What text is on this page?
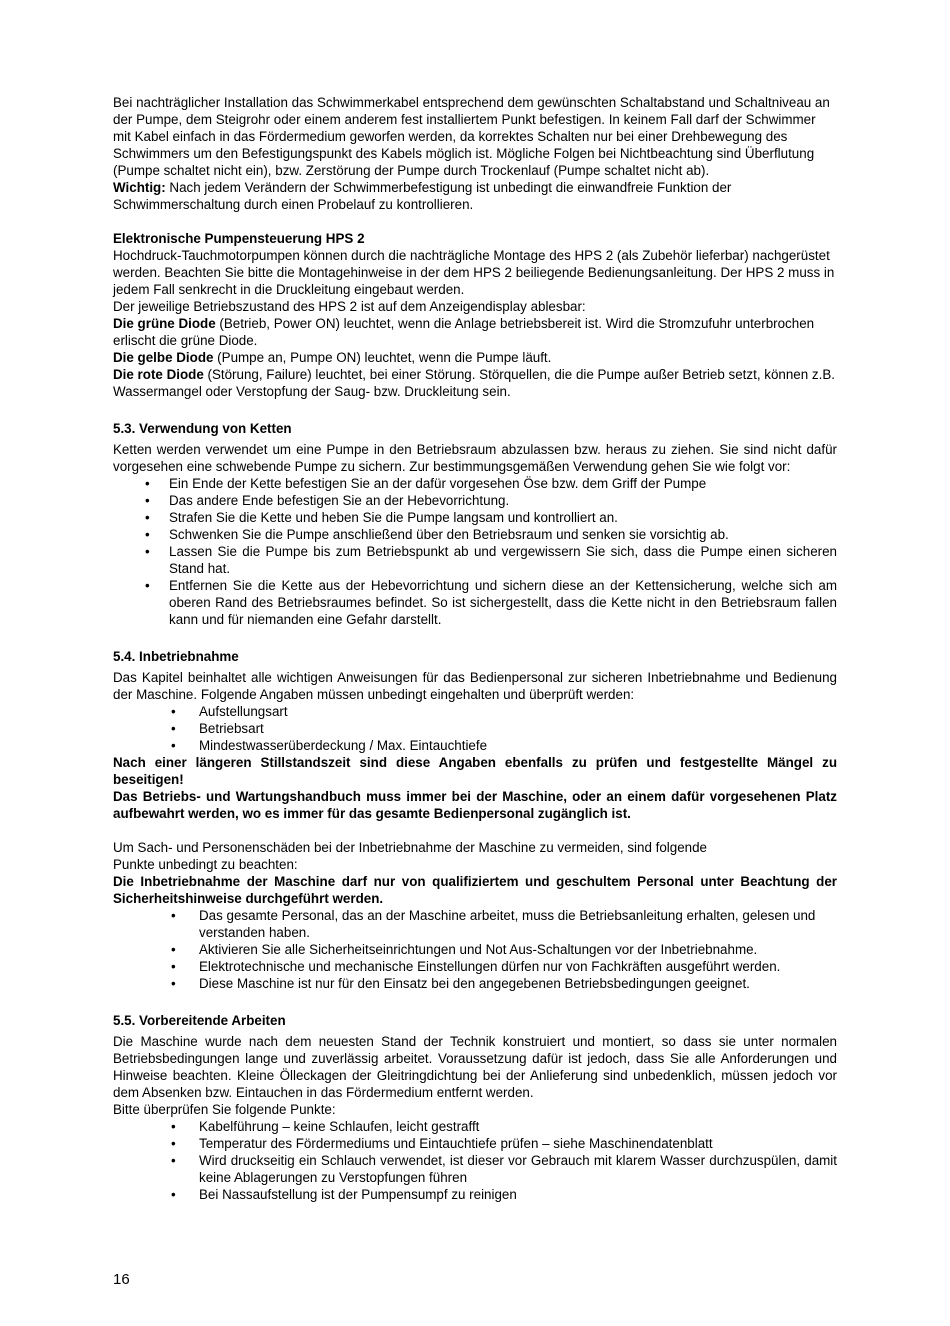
Bei nachträglicher Installation das Schwimmerkabel entsprechend dem gewünschten Schaltabstand und Schaltniveau an der Pumpe, dem Steigrohr oder einem anderem fest installiertem Punkt befestigen. In keinem Fall darf der Schwimmer mit Kabel einfach in das Fördermedium geworfen werden, da korrektes Schalten nur bei einer Drehbewegung des Schwimmers um den Befestigungspunkt des Kabels möglich ist. Mögliche Folgen bei Nichtbeachtung sind Überflutung (Pumpe schaltet nicht ein), bzw. Zerstörung der Pumpe durch Trockenlauf (Pumpe schaltet nicht ab).

Wichtig: Nach jedem Verändern der Schwimmerbefestigung ist unbedingt die einwandfreie Funktion der Schwimmerschaltung durch einen Probelauf zu kontrollieren.

Elektronische Pumpensteuerung HPS 2

Hochdruck-Tauchmotorpumpen können durch die nachträgliche Montage des HPS 2 (als Zubehör lieferbar) nachgerüstet werden. Beachten Sie bitte die Montagehinweise in der dem HPS 2 beiliegende Bedienungsanleitung. Der HPS 2 muss in jedem Fall senkrecht in die Druckleitung eingebaut werden.

Der jeweilige Betriebszustand des HPS 2 ist auf dem Anzeigendisplay ablesbar:

Die grüne Diode (Betrieb, Power ON) leuchtet, wenn die Anlage betriebsbereit ist. Wird die Stromzufuhr unterbrochen erlischt die grüne Diode.

Die gelbe Diode (Pumpe an, Pumpe ON) leuchtet, wenn die Pumpe läuft.

Die rote Diode (Störung, Failure) leuchtet, bei einer Störung. Störquellen, die die Pumpe außer Betrieb setzt, können z.B. Wassermangel oder Verstopfung der Saug- bzw. Druckleitung sein.

5.3. Verwendung von Ketten

Ketten werden verwendet um eine Pumpe in den Betriebsraum abzulassen bzw. heraus zu ziehen. Sie sind nicht dafür vorgesehen eine schwebende Pumpe zu sichern. Zur bestimmungsgemäßen Verwendung gehen Sie wie folgt vor:

• Ein Ende der Kette befestigen Sie an der dafür vorgesehen Öse bzw. dem Griff der Pumpe
• Das andere Ende befestigen Sie an der Hebevorrichtung.
• Strafen Sie die Kette und heben Sie die Pumpe langsam und kontrolliert an.
• Schwenken Sie die Pumpe anschließend über den Betriebsraum und senken sie vorsichtig ab.
• Lassen Sie die Pumpe bis zum Betriebspunkt ab und vergewissern Sie sich, dass die Pumpe einen sicheren Stand hat.
• Entfernen Sie die Kette aus der Hebevorrichtung und sichern diese an der Kettensicherung, welche sich am oberen Rand des Betriebsraumes befindet. So ist sichergestellt, dass die Kette nicht in den Betriebsraum fallen kann und für niemanden eine Gefahr darstellt.

5.4. Inbetriebnahme

Das Kapitel beinhaltet alle wichtigen Anweisungen für das Bedienpersonal zur sicheren Inbetriebnahme und Bedienung der Maschine. Folgende Angaben müssen unbedingt eingehalten und überprüft werden:

• Aufstellungsart
• Betriebsart
• Mindestwasserüberdeckung / Max. Eintauchtiefe

Nach einer längeren Stillstandszeit sind diese Angaben ebenfalls zu prüfen und festgestellte Mängel zu beseitigen!

Das Betriebs- und Wartungshandbuch muss immer bei der Maschine, oder an einem dafür vorgesehenen Platz aufbewahrt werden, wo es immer für das gesamte Bedienpersonal zugänglich ist.

Um Sach- und Personenschäden bei der Inbetriebnahme der Maschine zu vermeiden, sind folgende

Punkte unbedingt zu beachten:

Die Inbetriebnahme der Maschine darf nur von qualifiziertem und geschultem Personal unter Beachtung der Sicherheitshinweise durchgeführt werden.

• Das gesamte Personal, das an der Maschine arbeitet, muss die Betriebsanleitung erhalten, gelesen und verstanden haben.
• Aktivieren Sie alle Sicherheitseinrichtungen und Not Aus-Schaltungen vor der Inbetriebnahme.
• Elektrotechnische und mechanische Einstellungen dürfen nur von Fachkräften ausgeführt werden.
• Diese Maschine ist nur für den Einsatz bei den angegebenen Betriebsbedingungen geeignet.

5.5. Vorbereitende Arbeiten

Die Maschine wurde nach dem neuesten Stand der Technik konstruiert und montiert, so dass sie unter normalen Betriebsbedingungen lange und zuverlässig arbeitet. Voraussetzung dafür ist jedoch, dass Sie alle Anforderungen und Hinweise beachten. Kleine Ölleckagen der Gleitringdichtung bei der Anlieferung sind unbedenklich, müssen jedoch vor dem Absenken bzw. Eintauchen in das Fördermedium entfernt werden.

Bitte überprüfen Sie folgende Punkte:

• Kabelführung – keine Schlaufen, leicht gestrafft
• Temperatur des Fördermediums und Eintauchtiefe prüfen – siehe Maschinendatenblatt
• Wird druckseitig ein Schlauch verwendet, ist dieser vor Gebrauch mit klarem Wasser durchzuspülen, damit keine Ablagerungen zu Verstopfungen führen
• Bei Nassaufstellung ist der Pumpensumpf zu reinigen
16
